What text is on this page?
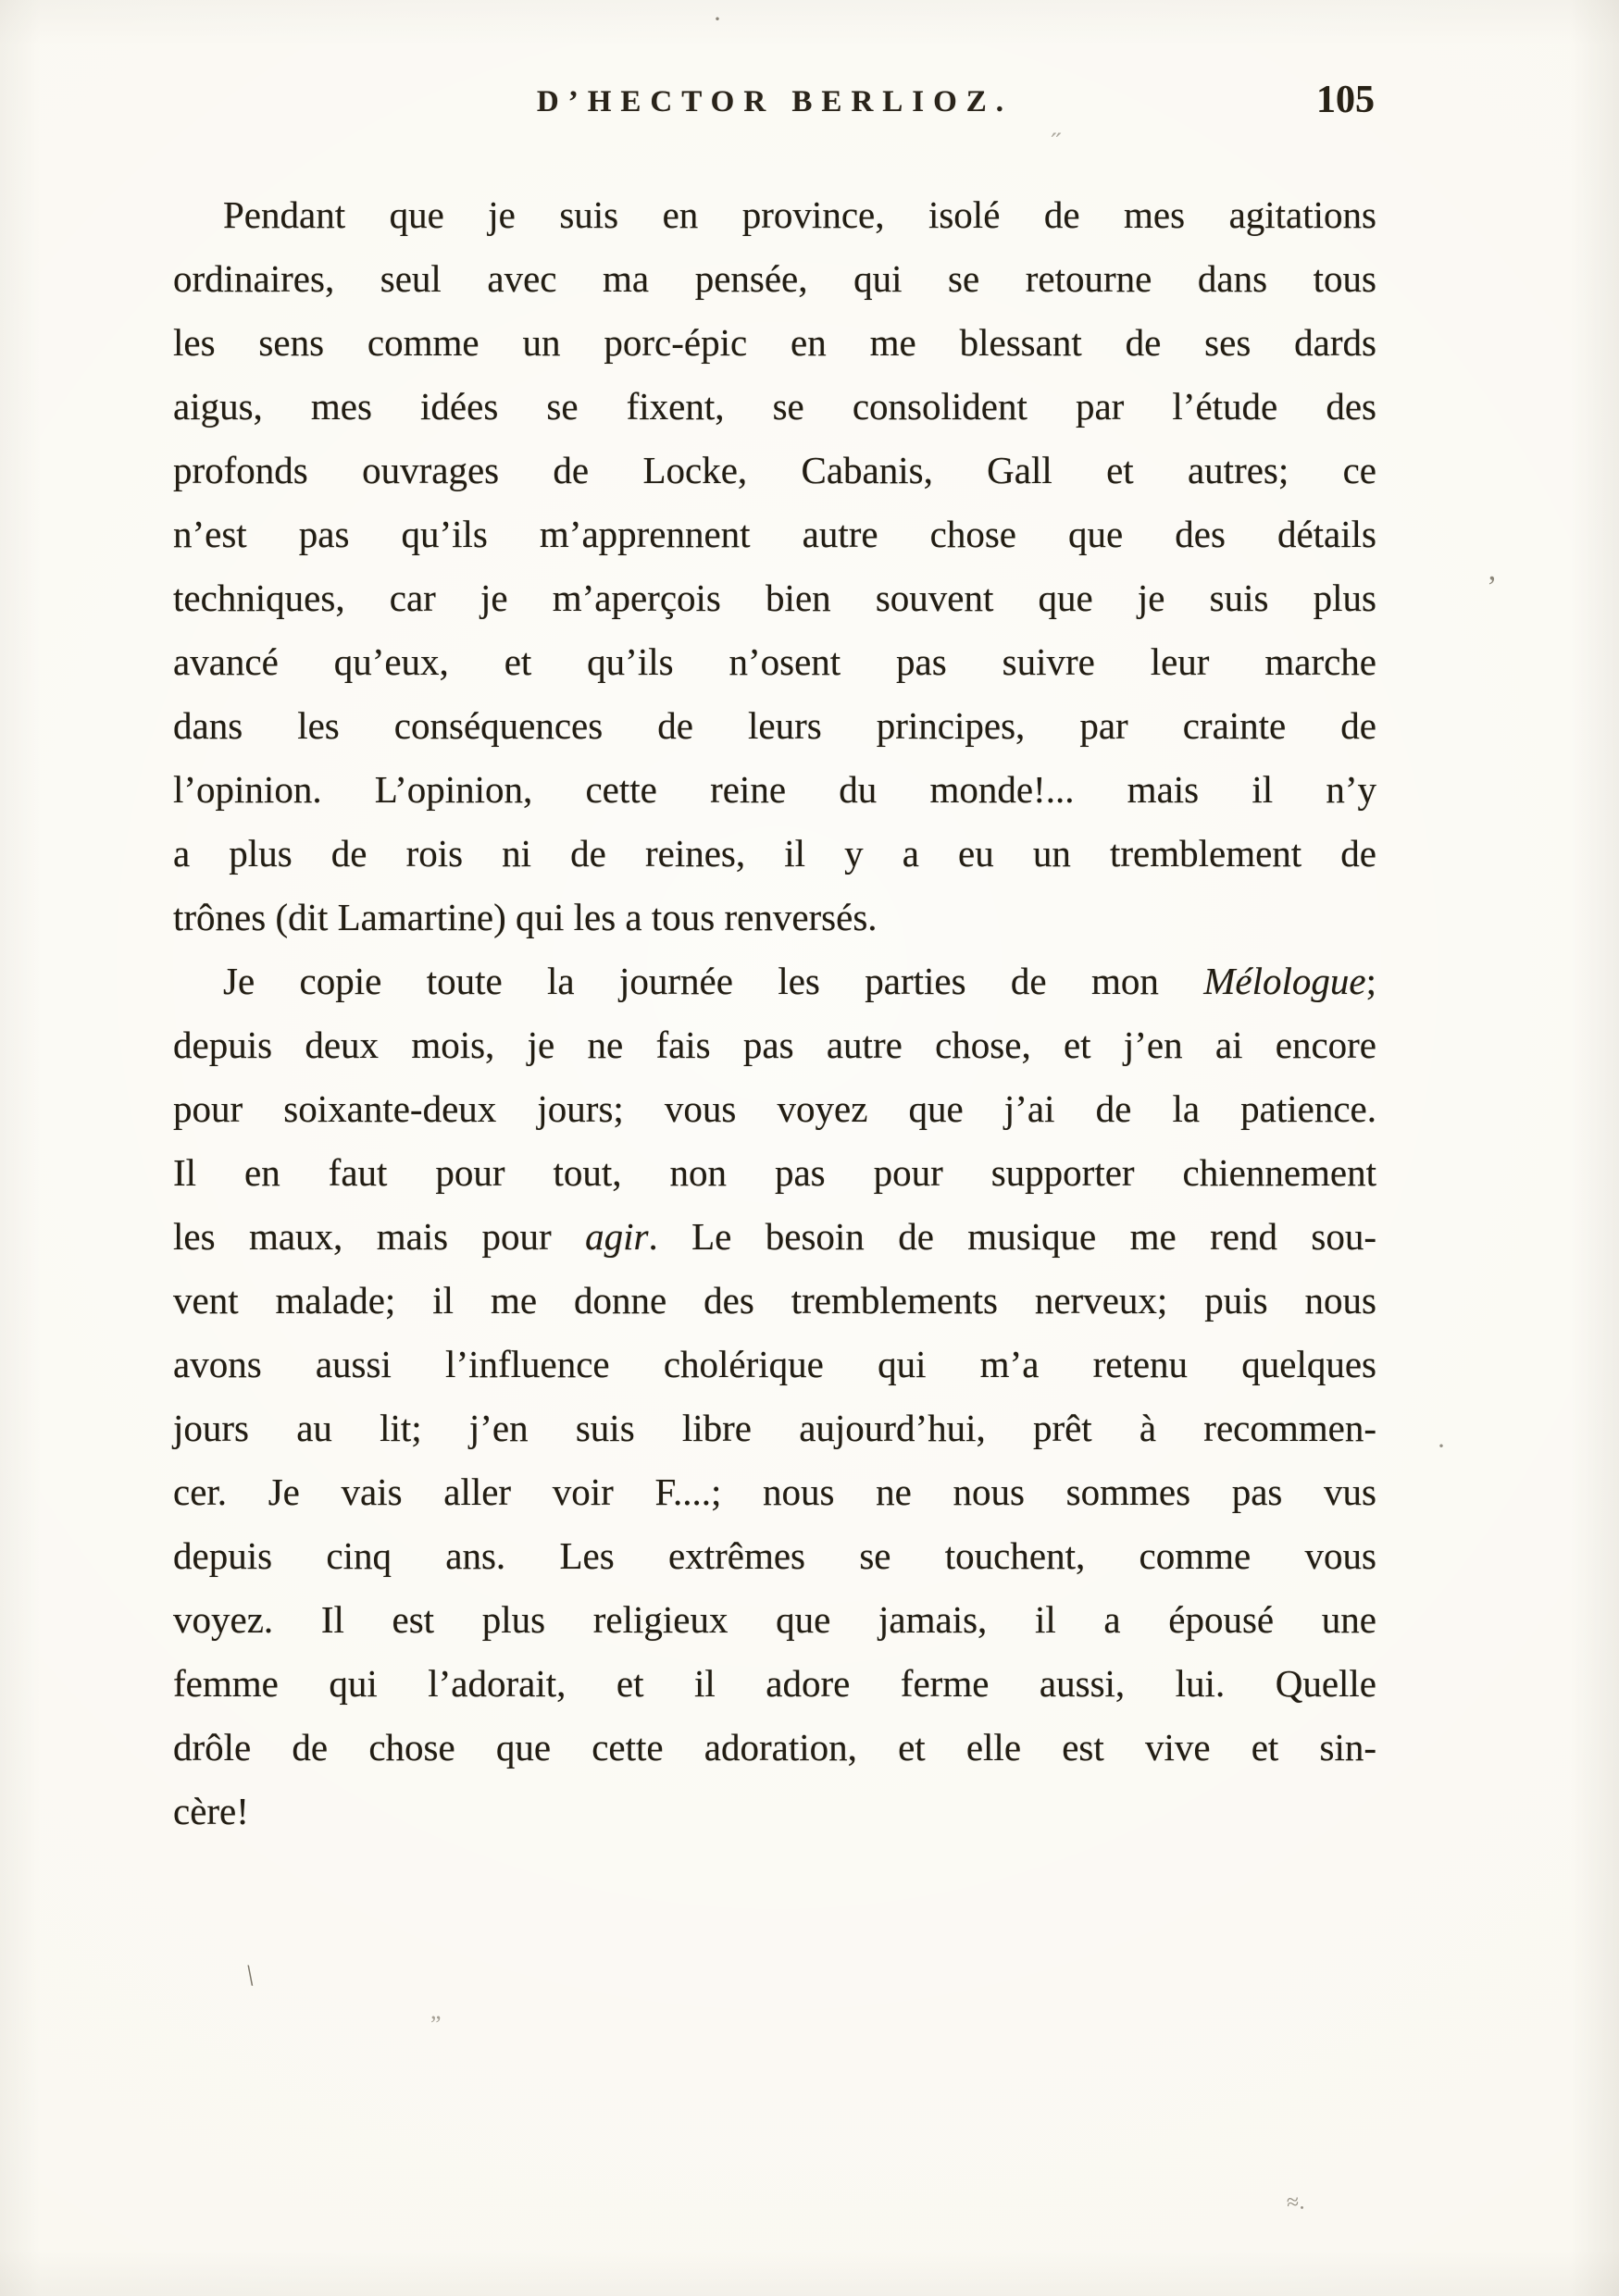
D’HECTOR BERLIOZ.	105
Pendant que je suis en province, isolé de mes agitations
ordinaires, seul avec ma pensée, qui se retourne dans tous
les sens comme un porc-épic en me blessant de ses dards
aigus, mes idées se fixent, se consolident par l’étude des
profonds ouvrages de Locke, Cabanis, Gall et autres; ce
n’est pas qu’ils m’apprennent autre chose que des détails
techniques, car je m’aperçois bien souvent que je suis plus
avancé qu’eux, et qu’ils n’osent pas suivre leur marche
dans les conséquences de leurs principes, par crainte de
l’opinion. L’opinion, cette reine du monde!... mais il n’y
a plus de rois ni de reines, il y a eu un tremblement de
trônes (dit Lamartine) qui les a tous renversés.
Je copie toute la journée les parties de mon Mélologue;
depuis deux mois, je ne fais pas autre chose, et j’en ai encore
pour soixante-deux jours; vous voyez que j’ai de la patience.
Il en faut pour tout, non pas pour supporter chiennement
les maux, mais pour agir. Le besoin de musique me rend sou-
vent malade; il me donne des tremblements nerveux; puis nous
avons aussi l’influence cholérique qui m’a retenu quelques
jours au lit; j’en suis libre aujourd’hui, prêt à recommen-
cer. Je vais aller voir F....; nous ne nous sommes pas vus
depuis cinq ans. Les extrêmes se touchent, comme vous
voyez. Il est plus religieux que jamais, il a épousé une
femme qui l’adorait, et il adore ferme aussi, lui. Quelle
drôle de chose que cette adoration, et elle est vive et sin-
cère!
·
˝
’
·
\
„
≈.
